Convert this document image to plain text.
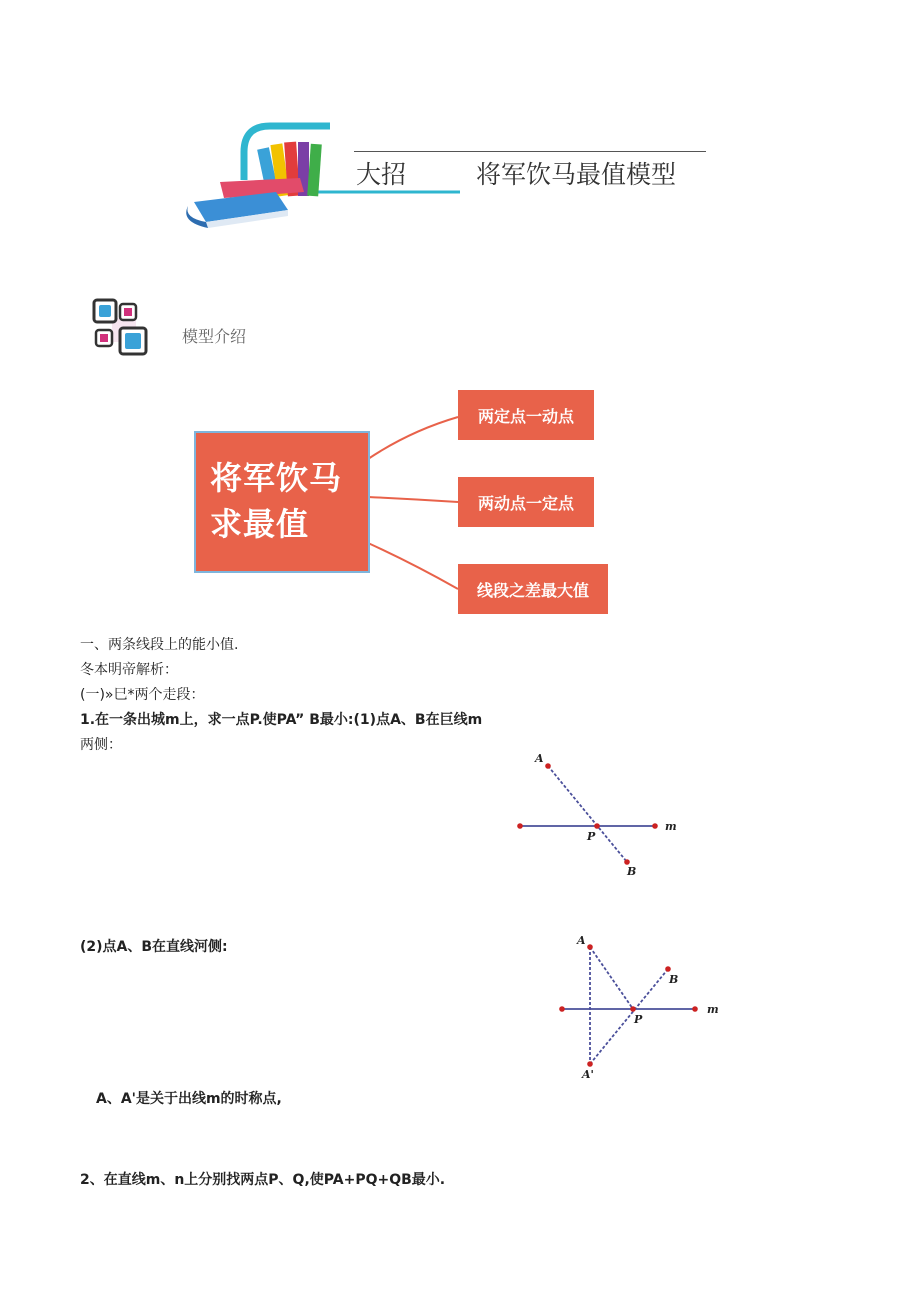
大招	将军饮马最值模型
模型介绍
将军饮马
求最值
两定点一动点
两动点一定点
线段之差最大值
一、两条线段上的能小值.
冬本明帝解析：
(一)»巳*两个走段：
1.在一条出城m上，求一点P.使PA” B最小:(1)点A、B在巨线m
两侧：
A
P
B
m
(2)点A、B在直线河侧:	A
B
P
m
A'
A、A'是关于出线m的时称点,
2、在直线m、n上分别找两点P、Q,使PA+PQ+QB最小.
